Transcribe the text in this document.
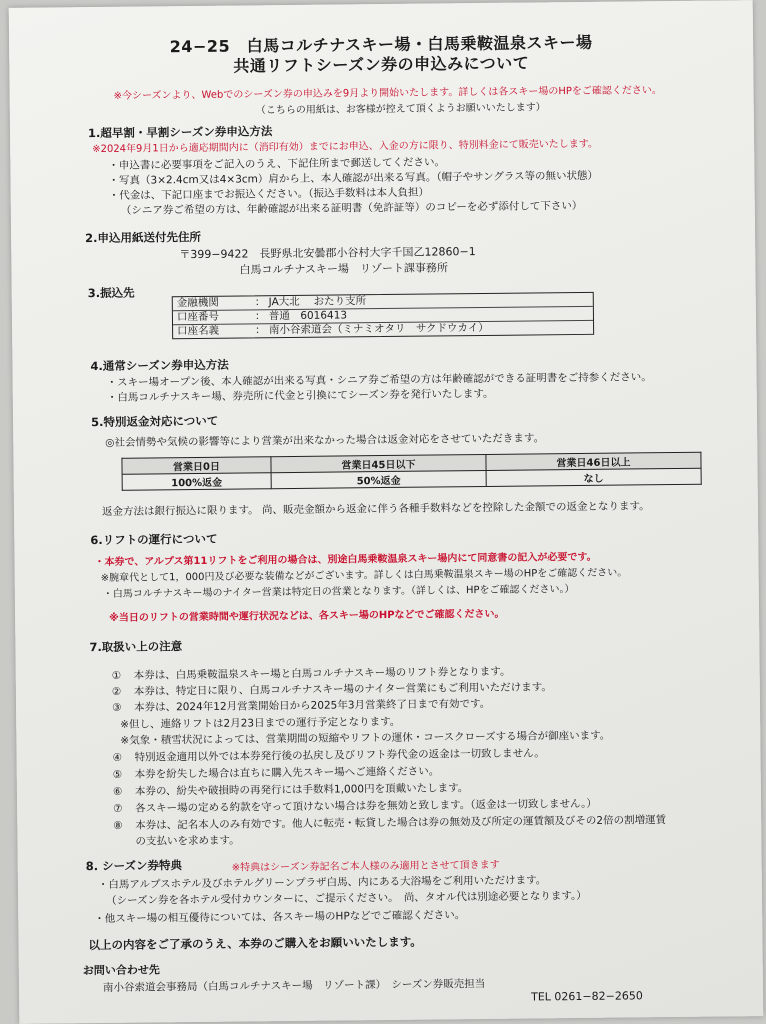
24−25　白馬コルチナスキー場・白馬乗鞍温泉スキー場
共通リフトシーズン券の申込みについて
※今シーズンより、Webでのシーズン券の申込みを9月より開始いたします。詳しくは各スキー場のHPをご確認ください。
（こちらの用紙は、お客様が控えて頂くようお願いいたします）
1.超早割・早割シーズン券申込方法
※2024年9月1日から適応期間内に（消印有効）までにお申込、入金の方に限り、特別料金にて販売いたします。
・申込書に必要事項をご記入のうえ、下記住所まで郵送してください。
・写真（3×2.4cm又は4×3cm）肩から上、本人確認が出来る写真。（帽子やサングラス等の無い状態）
・代金は、下記口座までお振込ください。（振込手数料は本人負担）
（シニア券ご希望の方は、年齢確認が出来る証明書（免許証等）のコピーを必ず添付して下さい）
2.申込用紙送付先住所
〒399−9422　長野県北安曇郡小谷村大字千国乙12860−1
白馬コルチナスキー場　リゾート課事務所
3.振込先
金融機関	： JA大北　 おたり支所
口座番号	： 普通　6016413
口座名義	： 南小谷索道会（ミナミオタリ　サクドウカイ）
4.通常シーズン券申込方法
・スキー場オープン後、本人確認が出来る写真・シニア券ご希望の方は年齢確認ができる証明書をご持参ください。
・白馬コルチナスキー場、券売所に代金と引換にてシーズン券を発行いたします。
5.特別返金対応について
◎社会情勢や気候の影響等により営業が出来なかった場合は返金対応をさせていただきます。
営業日0日	営業日45日以下	営業日46日以上
100%返金	50%返金	なし
返金方法は銀行振込に限ります。 尚、販売金額から返金に伴う各種手数料などを控除した金額での返金となります。
6.リフトの運行について
・本券で、アルプス第11リフトをご利用の場合は、別途白馬乗鞍温泉スキー場内にて同意書の記入が必要です。
※腕章代として1，000円及び必要な装備などがございます。詳しくは白馬乗鞍温泉スキー場のHPをご確認ください。
・白馬コルチナスキー場のナイター営業は特定日の営業となります。（詳しくは、HPをご確認ください。）
※当日のリフトの営業時間や運行状況などは、各スキー場のHPなどでご確認ください。
7.取扱い上の注意
① 本券は、白馬乗鞍温泉スキー場と白馬コルチナスキー場のリフト券となります。
② 本券は、特定日に限り、白馬コルチナスキー場のナイター営業にもご利用いただけます。
③ 本券は、2024年12月営業開始日から2025年3月営業終了日まで有効です。
※但し、連絡リフトは2月23日までの運行予定となります。
※気象・積雪状況によっては、営業期間の短縮やリフトの運休・コースクローズする場合が御座います。
④ 特別返金適用以外では本券発行後の払戻し及びリフト券代金の返金は一切致しません。
⑤ 本券を紛失した場合は直ちに購入先スキー場へご連絡ください。
⑥ 本券の、紛失や破損時の再発行には手数料1,000円を頂戴いたします。
⑦ 各スキー場の定める約款を守って頂けない場合は券を無効と致します。（返金は一切致しません。）
⑧ 本券は、記名本人のみ有効です。他人に転売・転貸した場合は券の無効及び所定の運賃額及びその2倍の割増運賃
の支払いを求めます。
8. シーズン券特典	※特典はシーズン券記名ご本人様のみ適用とさせて頂きます
・白馬アルプスホテル及びホテルグリーンプラザ白馬、内にある大浴場をご利用いただけます。
（シーズン券を各ホテル受付カウンターに、ご提示ください。　尚、タオル代は別途必要となります。）
・他スキー場の相互優待については、各スキー場のHPなどでご確認ください。
以上の内容をご了承のうえ、本券のご購入をお願いいたします。
お問い合わせ先
南小谷索道会事務局（白馬コルチナスキー場　リゾート課）　シーズン券販売担当
TEL 0261−82−2650
